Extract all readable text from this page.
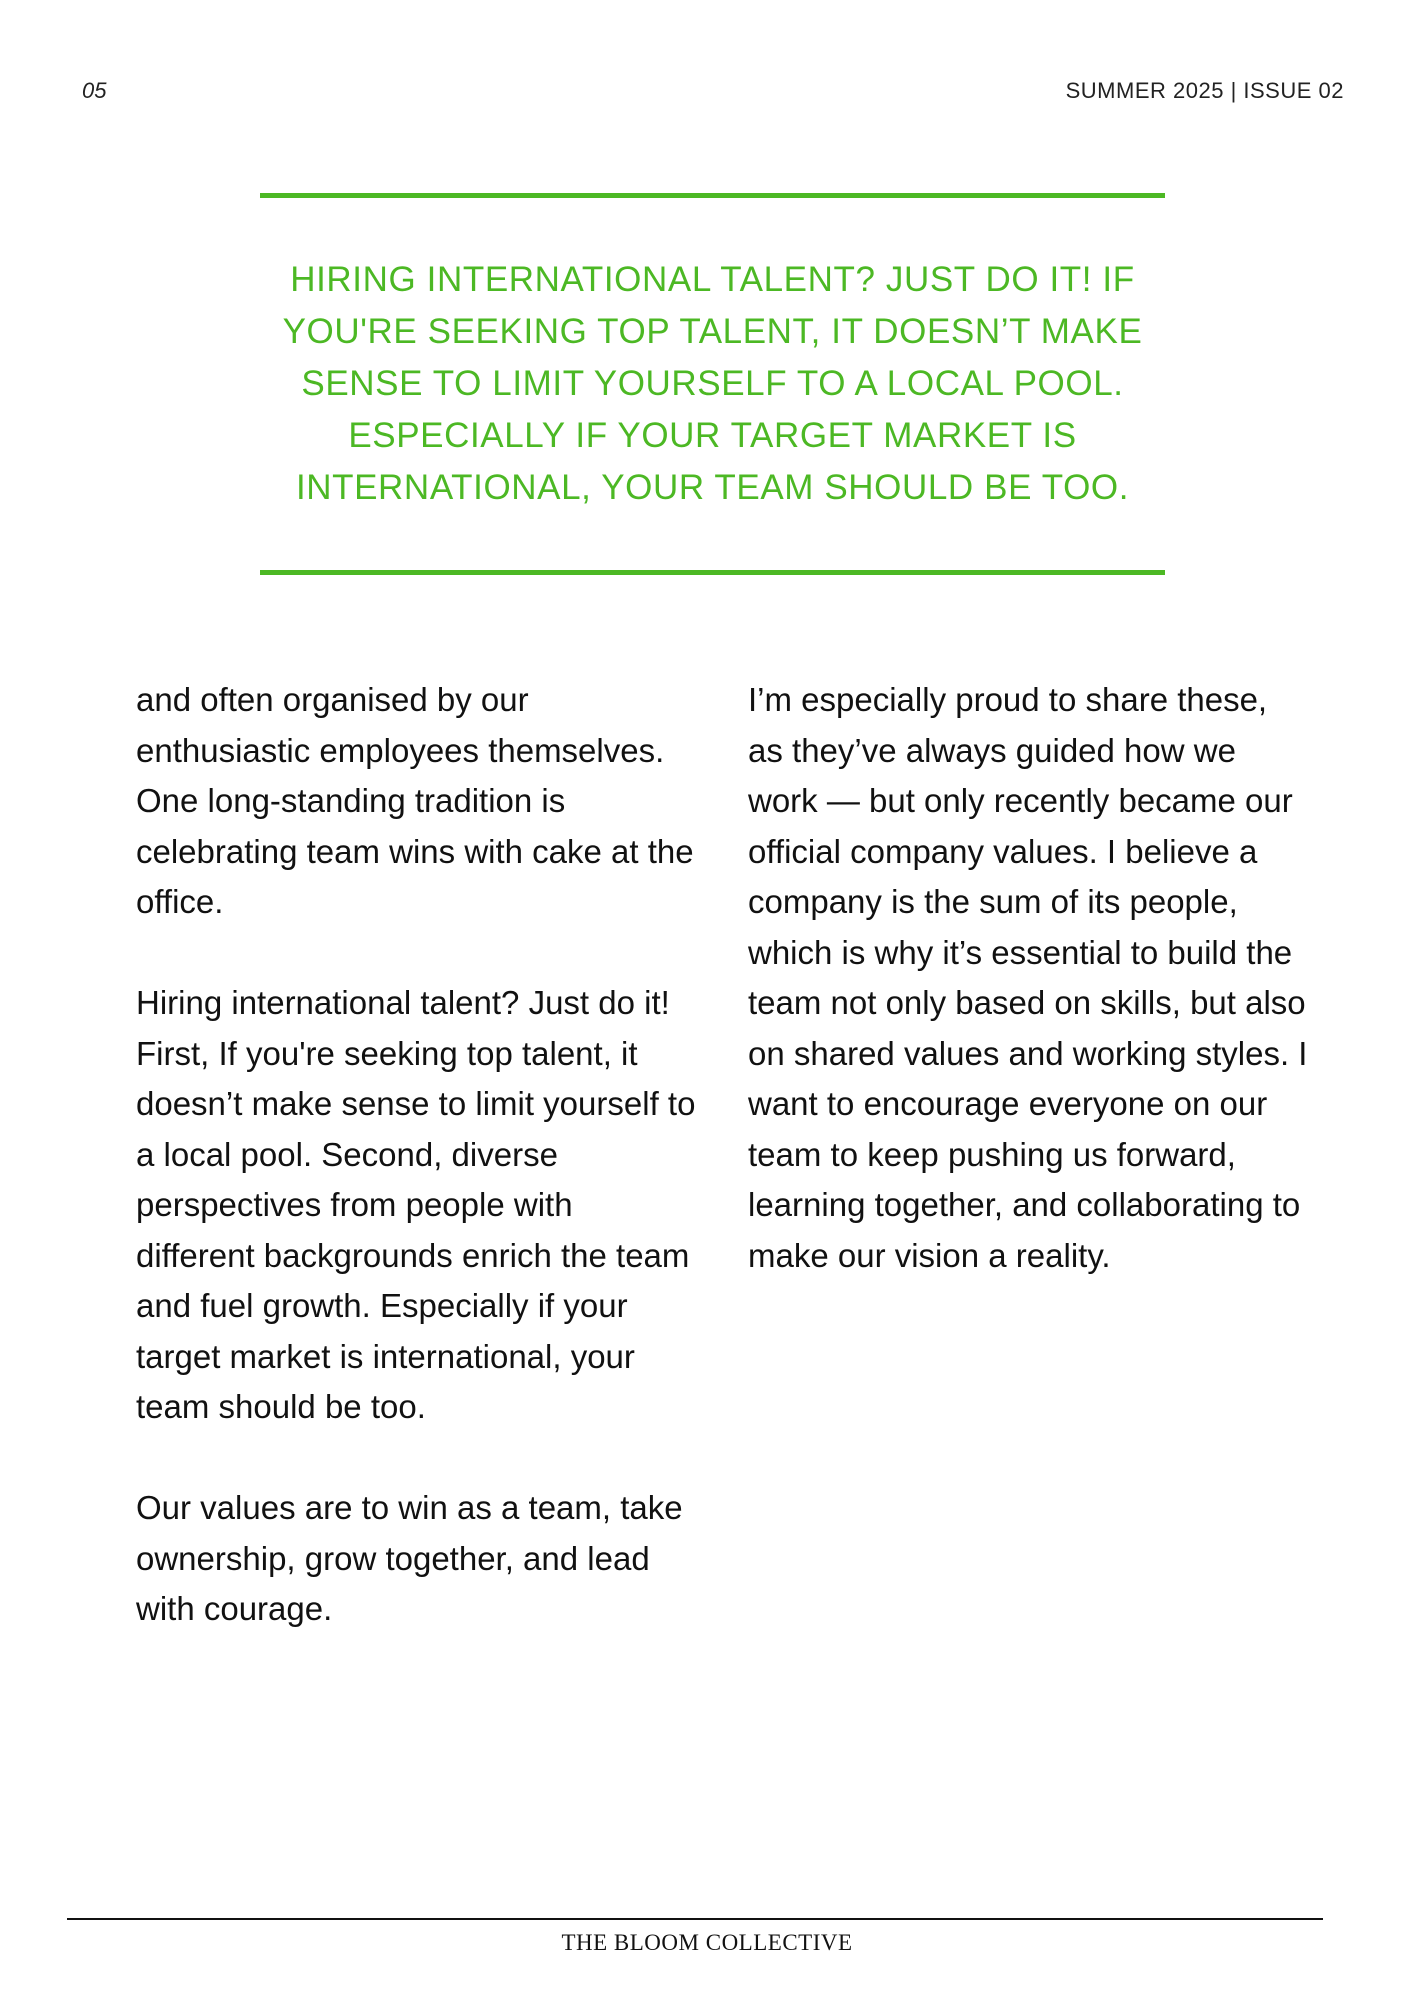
05	SUMMER 2025 | ISSUE 02

HIRING INTERNATIONAL TALENT? JUST DO IT! IF YOU'RE SEEKING TOP TALENT, IT DOESN’T MAKE SENSE TO LIMIT YOURSELF TO A LOCAL POOL. ESPECIALLY IF YOUR TARGET MARKET IS INTERNATIONAL, YOUR TEAM SHOULD BE TOO.

and often organised by our enthusiastic employees themselves. One long-standing tradition is celebrating team wins with cake at the office.

Hiring international talent? Just do it! First, If you're seeking top talent, it doesn’t make sense to limit yourself to a local pool. Second, diverse perspectives from people with different backgrounds enrich the team and fuel growth. Especially if your target market is international, your team should be too.

Our values are to win as a team, take ownership, grow together, and lead with courage.

I’m especially proud to share these, as they’ve always guided how we work — but only recently became our official company values. I believe a company is the sum of its people, which is why it’s essential to build the team not only based on skills, but also on shared values and working styles. I want to encourage everyone on our team to keep pushing us forward, learning together, and collaborating to make our vision a reality.

THE BLOOM COLLECTIVE
